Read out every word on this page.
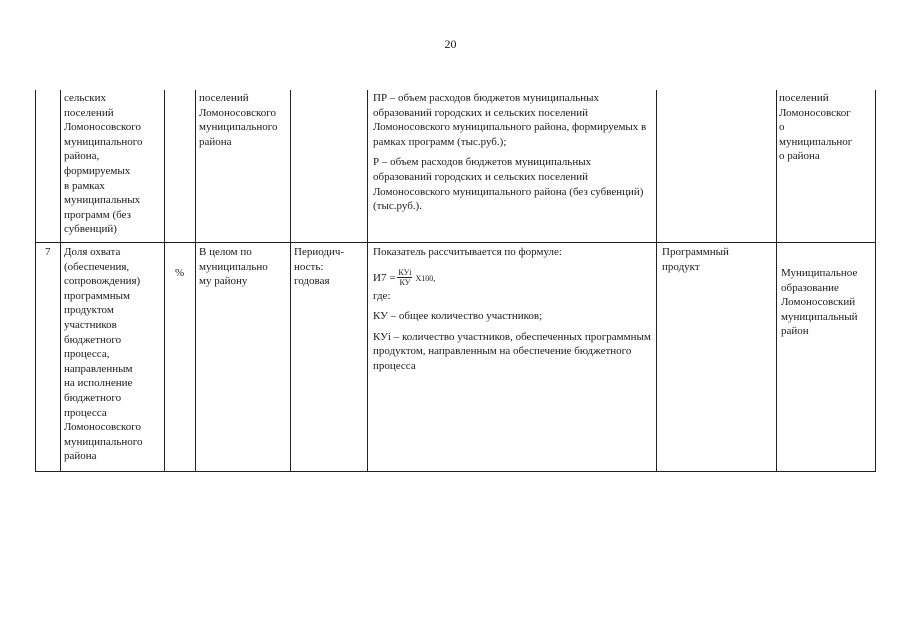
20
сельских
поселений
Ломоносовского
муниципального
района,
формируемых
в рамках
муниципальных
программ (без
субвенций)
поселений
Ломоносовского
муниципального
района

ПР – объем расходов бюджетов муниципальных образований городских и сельских поселений Ломоносовского муниципального района, формируемых в рамках программ (тыс.руб.);

Р – объем расходов бюджетов муниципальных образований городских и сельских поселений Ломоносовского муниципального района (без субвенций) (тыс.руб.).

поселений
Ломоносовског
о
муниципальног
о района
7 Доля охвата
(обеспечения,
сопровождения)
программным
продуктом
участников
бюджетного
процесса,
направленным
на исполнение
бюджетного
процесса
Ломоносовского
муниципального
района
%
В целом по
муниципально
му району
Периодич-
ность:
годовая
Показатель рассчитывается по формуле:
$И7 = \frac{\text{КУi}}{КУ} Х100$,
где:

КУ – общее количество участников;

КУi – количество участников, обеспеченных программным продуктом, направленным на обеспечение бюджетного процесса

Программный
продукт
Муниципальное
образование
Ломоносовский
муниципальный
район
